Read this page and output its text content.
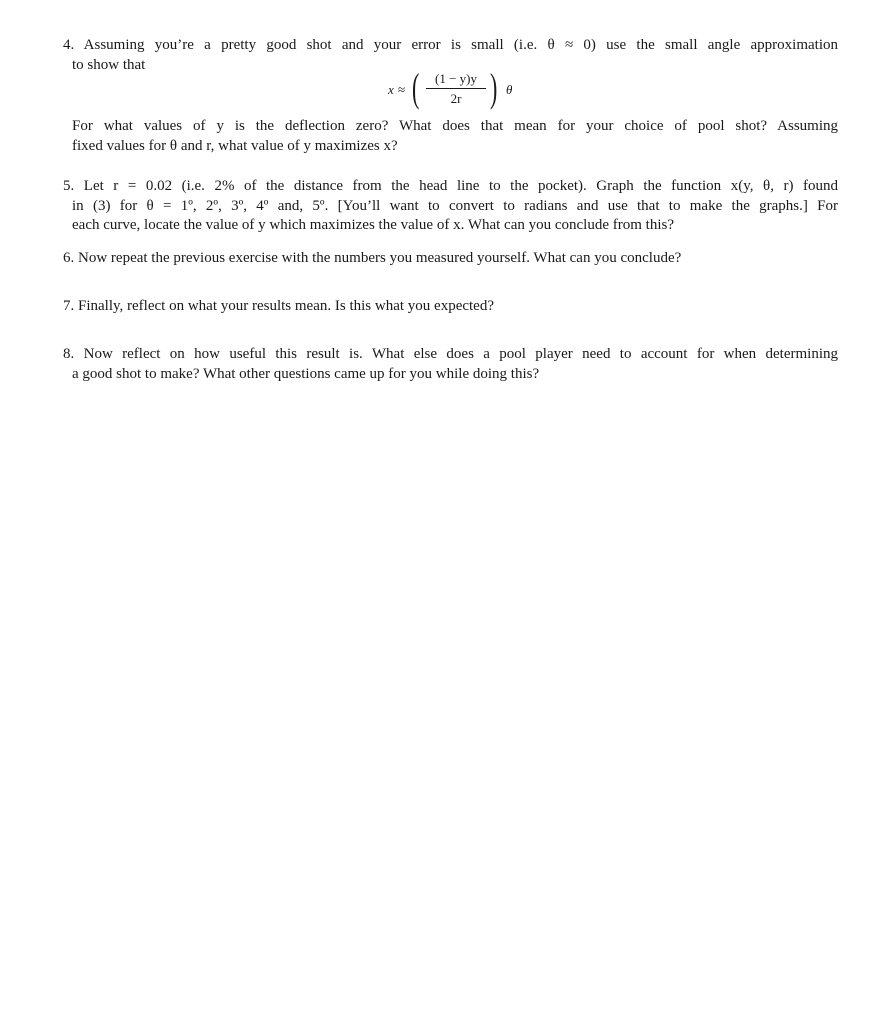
4. Assuming you’re a pretty good shot and your error is small (i.e. θ ≈ 0) use the small angle approximation
to show that
x ≈ (	(1 − y)y
2r ) θ
For what values of y is the deflection zero? What does that mean for your choice of pool shot? Assuming
fixed values for θ and r, what value of y maximizes x?
5. Let r = 0.02 (i.e. 2% of the distance from the head line to the pocket). Graph the function x(y, θ, r) found
in (3) for θ = 1º, 2º, 3º, 4º and, 5º. [You’ll want to convert to radians and use that to make the graphs.] For
each curve, locate the value of y which maximizes the value of x. What can you conclude from this?
6. Now repeat the previous exercise with the numbers you measured yourself. What can you conclude?
7. Finally, reflect on what your results mean. Is this what you expected?
8. Now reflect on how useful this result is. What else does a pool player need to account for when determining
a good shot to make? What other questions came up for you while doing this?
